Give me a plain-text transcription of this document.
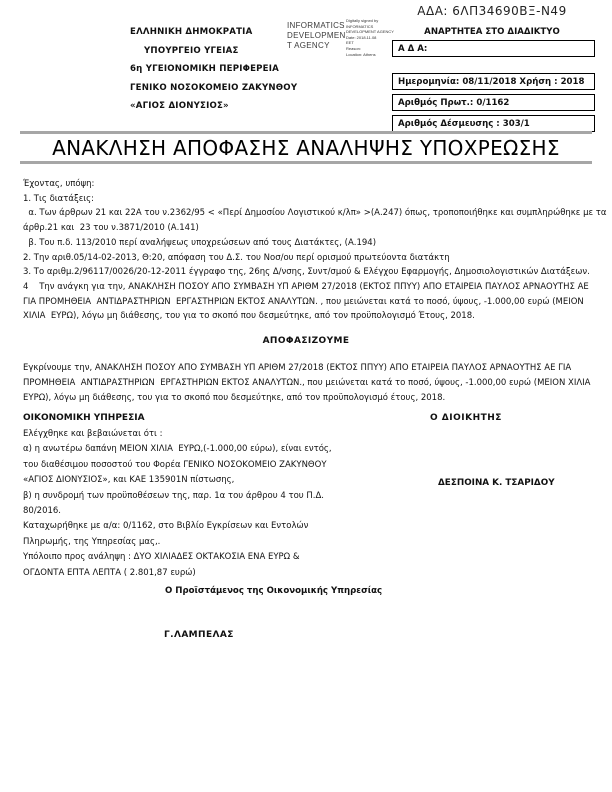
ΑΔΑ: 6ΛΠ34690ΒΞ-Ν49
ΕΛΛΗΝΙΚΗ ΔΗΜΟΚΡΑΤΙΑ
ΥΠΟΥΡΓΕΙΟ ΥΓΕΙΑΣ
6η ΥΓΕΙΟΝΟΜΙΚΗ ΠΕΡΙΦΕΡΕΙΑ
ΓΕΝΙΚΟ ΝΟΣΟΚΟΜΕΙΟ ΖΑΚΥΝΘΟΥ
«ΑΓΙΟΣ ΔΙΟΝΥΣΙΟΣ»
INFORMATICS
DEVELOPMEN
T AGENCY
Digitally signed by
INFORMATICS
DEVELOPMENT AGENCY
Date: 2018.11.08
EET
Reason:
Location: Athens
ΑΝΑΡΤΗΤΕΑ ΣΤΟ ΔΙΑΔΙΚΤΥΟ
Α Δ Α:
Ημερομηνία: 08/11/2018 Χρήση : 2018
Αριθμός Πρωτ.: 0/1162
Αριθμός Δέσμευσης : 303/1
ΑΝΑΚΛΗΣΗ ΑΠΟΦΑΣΗΣ ΑΝΑΛΗΨΗΣ ΥΠΟΧΡΕΩΣΗΣ
Έχοντας, υπόψη:
1. Τις διατάξεις:
α. Των άρθρων 21 και 22Α του ν.2362/95 < «Περί Δημοσίου Λογιστικού κ/λπ» >(Α.247) όπως, τροποποιήθηκε και συμπληρώθηκε με τα
άρθρ.21 και  23 του ν.3871/2010 (Α.141)
β. Του π.δ. 113/2010 περί αναλήψεως υποχρεώσεων από τους Διατάκτες, (Α.194)
2. Την αριθ.05/14-02-2013, Θ:20, απόφαση του Δ.Σ. του Νοσ/ου περί ορισμού πρωτεύοντα διατάκτη
3. Το αριθμ.2/96117/0026/20-12-2011 έγγραφο της, 26ης Δ/νσης, Συντ/σμού & Ελέγχου Εφαρμογής, Δημοσιολογιστικών Διατάξεων.
4    Την ανάγκη για την, ΑΝΑΚΛΗΣΗ ΠΟΣΟΥ ΑΠΟ ΣΥΜΒΑΣΗ ΥΠ ΑΡΙΘΜ 27/2018 (ΕΚΤΟΣ ΠΠΥΥ) ΑΠΟ ΕΤΑΙΡΕΙΑ ΠΑΥΛΟΣ ΑΡΝΑΟΥΤΗΣ ΑΕ
ΓΙΑ ΠΡΟΜΗΘΕΙΑ  ΑΝΤΙΔΡΑΣΤΗΡΙΩΝ  ΕΡΓΑΣΤΗΡΙΩΝ ΕΚΤΟΣ ΑΝΑΛΥΤΩΝ. , που μειώνεται κατά το ποσό, ύψους, -1.000,00 ευρώ (ΜΕΙΟΝ
ΧΙΛΙΑ  ΕΥΡΩ), λόγω μη διάθεσης, του για το σκοπό που δεσμεύτηκε, από τον προϋπολογισμό Έτους, 2018.
ΑΠΟΦΑΣΙΖΟΥΜΕ
Εγκρίνουμε την, ΑΝΑΚΛΗΣΗ ΠΟΣΟΥ ΑΠΟ ΣΥΜΒΑΣΗ ΥΠ ΑΡΙΘΜ 27/2018 (ΕΚΤΟΣ ΠΠΥΥ) ΑΠΟ ΕΤΑΙΡΕΙΑ ΠΑΥΛΟΣ ΑΡΝΑΟΥΤΗΣ ΑΕ ΓΙΑ
ΠΡΟΜΗΘΕΙΑ  ΑΝΤΙΔΡΑΣΤΗΡΙΩΝ  ΕΡΓΑΣΤΗΡΙΩΝ ΕΚΤΟΣ ΑΝΑΛΥΤΩΝ., που μειώνεται κατά το ποσό, ύψους, -1.000,00 ευρώ (ΜΕΙΟΝ ΧΙΛΙΑ
ΕΥΡΩ), λόγω μη διάθεσης, του για το σκοπό που δεσμεύτηκε, από τον προϋπολογισμό έτους, 2018.
ΟΙΚΟΝΟΜΙΚΗ ΥΠΗΡΕΣΙΑ	Ο ΔΙΟΙΚΗΤΗΣ
Ελέγχθηκε και βεβαιώνεται ότι :
α) η ανωτέρω δαπάνη ΜΕΙΟΝ ΧΙΛΙΑ  ΕΥΡΩ,(-1.000,00 εύρω), είναι εντός,
του διαθέσιμου ποσοστού του Φορέα ΓΕΝΙΚΟ ΝΟΣΟΚΟΜΕΙΟ ΖΑΚΥΝΘΟΥ
«ΑΓΙΟΣ ΔΙΟΝΥΣΙΟΣ», και ΚΑΕ 135901Ν πίστωσης,
β) η συνδρομή των προϋποθέσεων της, παρ. 1α του άρθρου 4 του Π.Δ.
80/2016.
Καταχωρήθηκε με α/α: 0/1162, στο Βιβλίο Εγκρίσεων και Εντολών
Πληρωμής, της Υπηρεσίας μας,.
Υπόλοιπο προς ανάληψη : ΔΥΟ ΧΙΛΙΑΔΕΣ ΟΚΤΑΚΟΣΙΑ ΕΝΑ ΕΥΡΩ &
ΟΓΔΟΝΤΑ ΕΠΤΑ ΛΕΠΤΑ ( 2.801,87 ευρώ)
ΔΕΣΠΟΙΝΑ Κ. ΤΣΑΡΙΔΟΥ
Ο Προϊστάμενος της Οικονομικής Υπηρεσίας
Γ.ΛΑΜΠΕΛΑΣ
